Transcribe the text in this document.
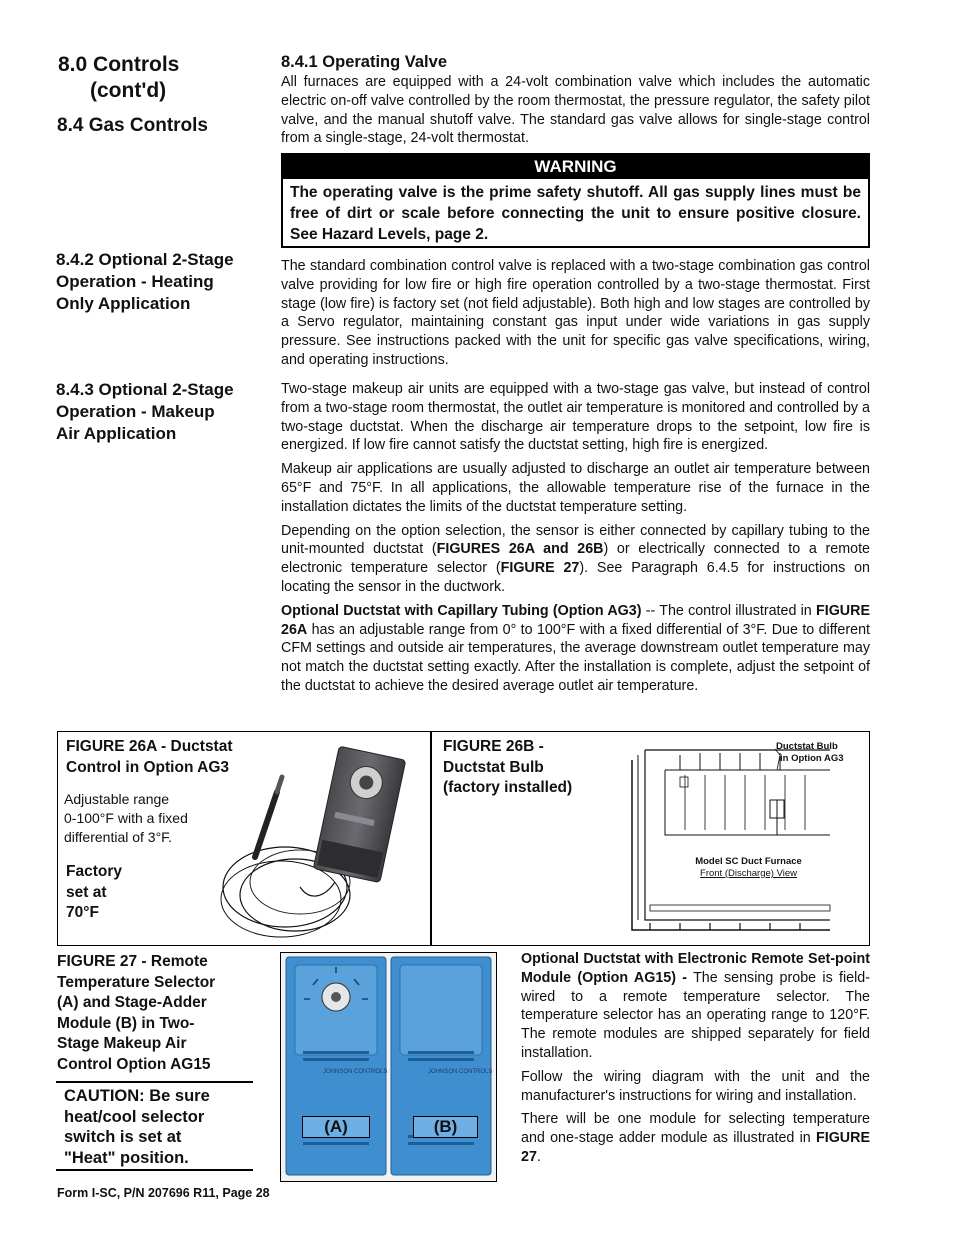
8.0 Controls
(cont'd)
8.4 Gas Controls
8.4.2 Optional 2-Stage
Operation - Heating
Only Application
8.4.3 Optional 2-Stage
Operation - Makeup
Air Application
8.4.1 Operating Valve
All furnaces are equipped with a 24-volt combination valve which includes the automatic electric on-off valve controlled by the room thermostat, the pressure regulator, the safety pilot valve, and the manual shutoff valve. The standard gas valve allows for single-stage control from a single-stage, 24-volt thermostat.
WARNING
The operating valve is the prime safety shutoff. All gas supply lines must be free of dirt or scale before connecting the unit to ensure positive closure. See Hazard Levels, page 2.
The standard combination control valve is replaced with a two-stage combination gas control valve providing for low fire or high fire operation controlled by a two-stage thermostat. First stage (low fire) is factory set (not field adjustable). Both high and low stages are controlled by a Servo regulator, maintaining constant gas input under wide variations in gas supply pressure. See instructions packed with the unit for specific gas valve specifications, wiring, and operating instructions.

Two-stage makeup air units are equipped with a two-stage gas valve, but instead of control from a two-stage room thermostat, the outlet air temperature is monitored and controlled by a two-stage ductstat. When the discharge air temperature drops to the setpoint, low fire is energized. If low fire cannot satisfy the ductstat setting, high fire is energized.

Makeup air applications are usually adjusted to discharge an outlet air temperature between 65°F and 75°F. In all applications, the allowable temperature rise of the furnace in the installation dictates the limits of the ductstat temperature setting.

Depending on the option selection, the sensor is either connected by capillary tubing to the unit-mounted ductstat (FIGURES 26A and 26B) or electrically connected to a remote electronic temperature selector (FIGURE 27). See Paragraph 6.4.5 for instructions on locating the sensor in the ductwork.

Optional Ductstat with Capillary Tubing (Option AG3) -- The control illustrated in FIGURE 26A has an adjustable range from 0° to 100°F with a fixed differential of 3°F. Due to different CFM settings and outside air temperatures, the average downstream outlet temperature may not match the ductstat setting exactly. After the installation is complete, adjust the setpoint of the ductstat to achieve the desired average outlet air temperature.

FIGURE 26A - Ductstat
Control in Option AG3
Adjustable range
0-100°F with a fixed
differential of 3°F.
Factory
set at
70°F
FIGURE 26B -
Ductstat Bulb
(factory installed)
Ductstat Bulb
in Option AG3
Model SC Duct Furnace
Front (Discharge) View
FIGURE 27 - Remote
Temperature Selector
(A) and Stage-Adder
Module (B) in Two-
Stage Makeup Air
Control Option AG15
CAUTION: Be sure
heat/cool selector
switch is set at
"Heat" position.
JOHNSON CONTROLS	JOHNSON CONTROLS
(A)	(B)

Optional Ductstat with Electronic Remote Set-point Module (Option AG15) - The sensing probe is field-wired to a remote temperature selector. The temperature selector has an operating range to 120°F. The remote modules are shipped separately for field installation.

Follow the wiring diagram with the unit and the manufacturer's instructions for wiring and installation.

There will be one module for selecting temperature and one-stage adder module as illustrated in FIGURE 27.

Form I-SC, P/N 207696 R11, Page 28
